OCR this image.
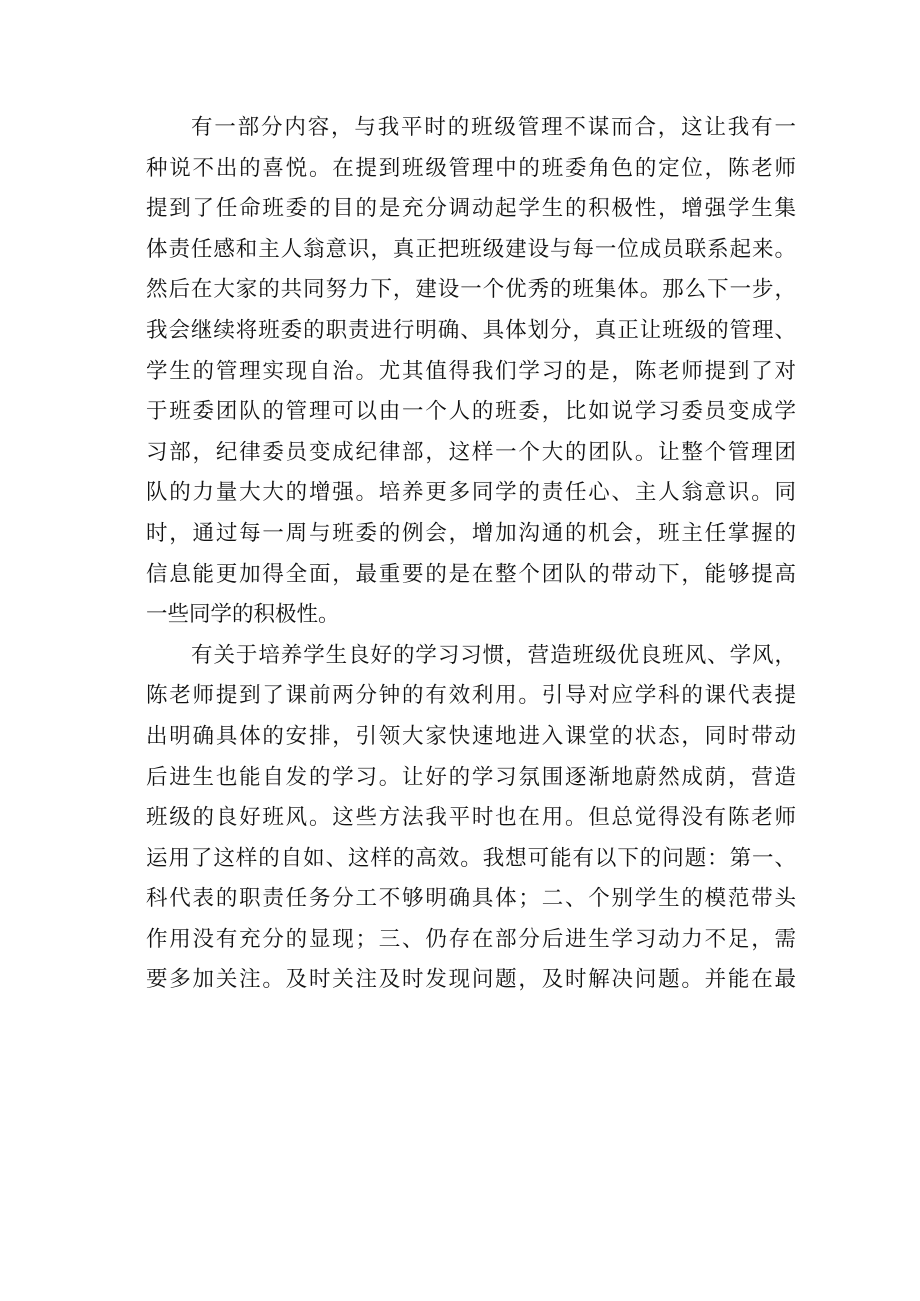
有一部分内容，与我平时的班级管理不谋而合，这让我有一
种说不出的喜悦。在提到班级管理中的班委角色的定位，陈老师
提到了任命班委的目的是充分调动起学生的积极性，增强学生集
体责任感和主人翁意识，真正把班级建设与每一位成员联系起来。
然后在大家的共同努力下，建设一个优秀的班集体。那么下一步，
我会继续将班委的职责进行明确、具体划分，真正让班级的管理、
学生的管理实现自治。尤其值得我们学习的是，陈老师提到了对
于班委团队的管理可以由一个人的班委，比如说学习委员变成学
习部，纪律委员变成纪律部，这样一个大的团队。让整个管理团
队的力量大大的增强。培养更多同学的责任心、主人翁意识。同
时，通过每一周与班委的例会，增加沟通的机会，班主任掌握的
信息能更加得全面，最重要的是在整个团队的带动下，能够提高
一些同学的积极性。
有关于培养学生良好的学习习惯，营造班级优良班风、学风，
陈老师提到了课前两分钟的有效利用。引导对应学科的课代表提
出明确具体的安排，引领大家快速地进入课堂的状态，同时带动
后进生也能自发的学习。让好的学习氛围逐渐地蔚然成荫，营造
班级的良好班风。这些方法我平时也在用。但总觉得没有陈老师
运用了这样的自如、这样的高效。我想可能有以下的问题：第一、
科代表的职责任务分工不够明确具体；二、个别学生的模范带头
作用没有充分的显现；三、仍存在部分后进生学习动力不足，需
要多加关注。及时关注及时发现问题，及时解决问题。并能在最
